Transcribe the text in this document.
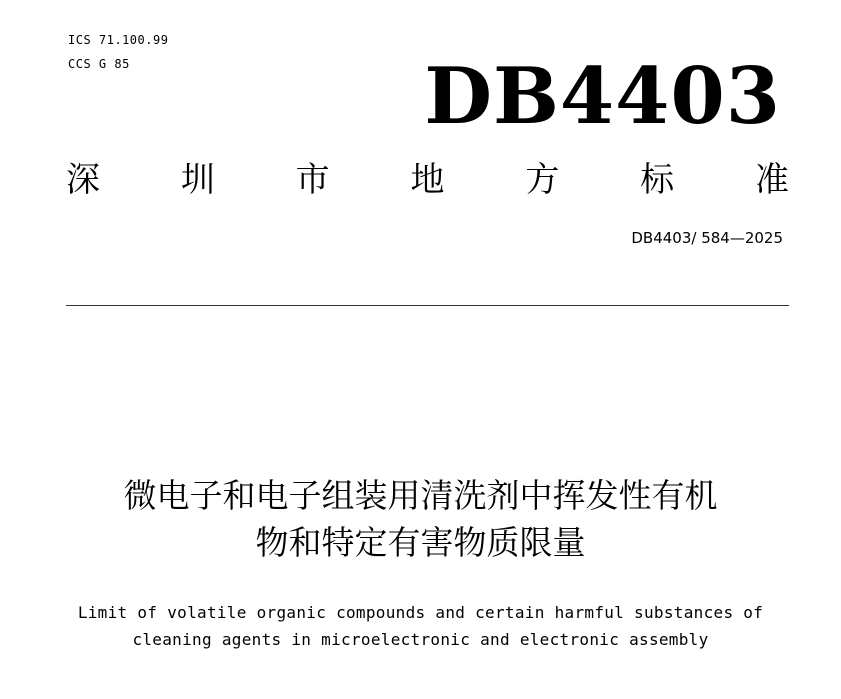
ICS 71.100.99
CCS G 85	DB4403
深 圳 市 地 方 标 准
DB4403/ 584—2025
微电子和电子组装用清洗剂中挥发性有机
物和特定有害物质限量
Limit of volatile organic compounds and certain harmful substances of
cleaning agents in microelectronic and electronic assembly
